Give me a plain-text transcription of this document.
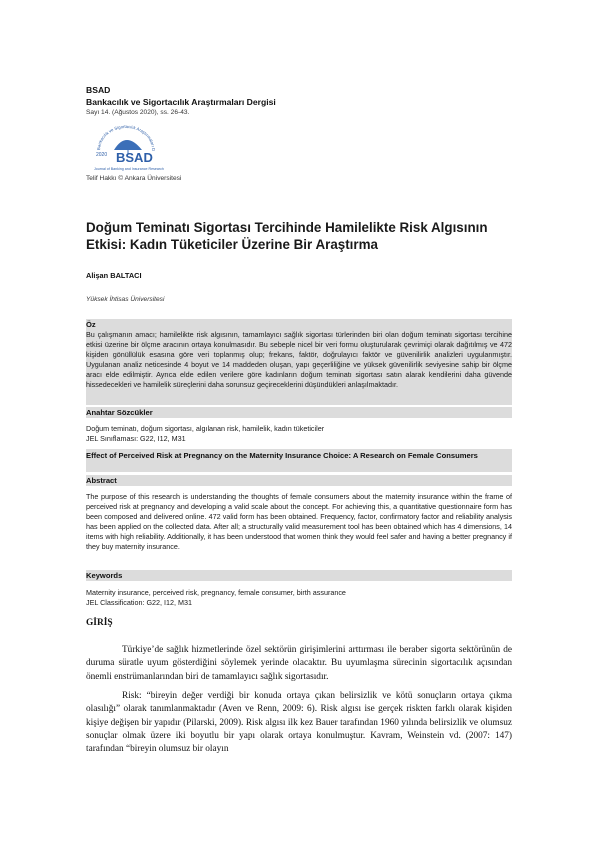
BSAD
Bankacılık ve Sigortacılık Araştırmaları Dergisi
Sayı 14. (Ağustos 2020), ss. 26-43.
Bankacılık ve Sigortacılık Araştırmaları D
2020 BSAD
Journal of Banking and Insurance Research
Telif Hakkı © Ankara Üniversitesi
Doğum Teminatı Sigortası Tercihinde Hamilelikte Risk Algısının Etkisi: Kadın Tüketiciler Üzerine Bir Araştırma
Alişan BALTACI
Yüksek İhtisas Üniversitesi
Öz
Bu çalışmanın amacı; hamilelikte risk algısının, tamamlayıcı sağlık sigortası türlerinden biri olan doğum teminatı sigortası tercihine etkisi üzerine bir ölçme aracının ortaya konulmasıdır. Bu sebeple nicel bir veri formu oluşturularak çevrimiçi olarak dağıtılmış ve 472 kişiden gönüllülük esasına göre veri toplanmış olup; frekans, faktör, doğrulayıcı faktör ve güvenilirlik analizleri uygulanmıştır. Uygulanan analiz neticesinde 4 boyut ve 14 maddeden oluşan, yapı geçerliliğine ve yüksek güvenilirlik seviyesine sahip bir ölçme aracı elde edilmiştir. Ayrıca elde edilen verilere göre kadınların doğum teminatı sigortası satın alarak kendilerini daha güvende hissedecekleri ve hamilelik süreçlerini daha sorunsuz geçireceklerini düşündükleri anlaşılmaktadır.
Anahtar Sözcükler
Doğum teminatı, doğum sigortası, algılanan risk, hamilelik, kadın tüketiciler
JEL Sınıflaması: G22, I12, M31
Effect of Perceived Risk at Pregnancy on the Maternity Insurance Choice: A Research on Female Consumers
Abstract
The purpose of this research is understanding the thoughts of female consumers about the maternity insurance within the frame of perceived risk at pregnancy and developing a valid scale about the concept. For achieving this, a quantitative questionnaire form has been composed and delivered online. 472 valid form has been obtained. Frequency, factor, confirmatory factor and reliability analysis has been applied on the collected data. After all; a structurally valid measurement tool has been obtained which has 4 dimensions, 14 items with high reliability. Additionally, it has been understood that women think they would feel safer and having a better pregnancy if they buy maternity insurance.
Keywords
Maternity insurance, perceived risk, pregnancy, female consumer, birth assurance
JEL Classification: G22, I12, M31
GİRİŞ
Türkiye’de sağlık hizmetlerinde özel sektörün girişimlerini arttırması ile beraber sigorta sektörünün de duruma süratle uyum gösterdiğini söylemek yerinde olacaktır. Bu uyumlaşma sürecinin sigortacılık açısından önemli enstrümanlarından biri de tamamlayıcı sağlık sigortasıdır.
Risk: “bireyin değer verdiği bir konuda ortaya çıkan belirsizlik ve kötü sonuçların ortaya çıkma olasılığı” olarak tanımlanmaktadır (Aven ve Renn, 2009: 6). Risk algısı ise gerçek riskten farklı olarak kişiden kişiye değişen bir yapıdır (Pilarski, 2009). Risk algısı ilk kez Bauer tarafından 1960 yılında belirsizlik ve olumsuz sonuçlar olmak üzere iki boyutlu bir yapı olarak ortaya konulmuştur. Kavram, Weinstein vd. (2007: 147) tarafından “bireyin olumsuz bir olayın
